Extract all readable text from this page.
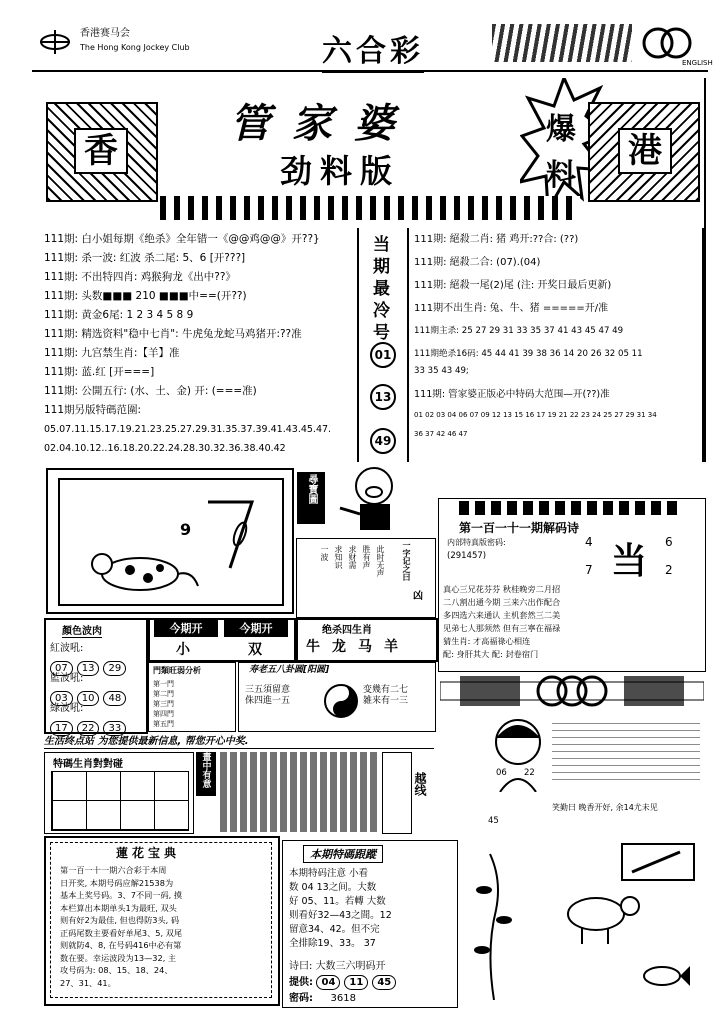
香港赛马会
The Hong Kong Jockey Club	六合彩	ENGLISH
香
管家婆
劲料版
爆
料
港
111期: 白小姐每期《绝杀》全年错一《@@鸡@@》开??}
111期: 杀一波: 红波 杀二尾: 5、6 [开???]
111期: 不出特四肖: 鸡猴狗龙《出中??》
111期: 头数■■■ 210 ■■■中==(开??)
111期: 黄金6尾: 1 2 3 4 5 8 9
111期: 精选资料"稳中七肖": 牛虎兔龙蛇马鸡猪开:??准
111期: 九宫禁生肖:【羊】准
111期: 蓝.红 [开===]
111期: 公開五行: (水、土、金) 开: (===准)
111期另版特碼范圍:
05.07.11.15.17.19.21.23.25.27.29.31.35.37.39.41.43.45.47.
02.04.10.12..16.18.20.22.24.28.30.32.36.38.40.42
当
期
最
冷
号
01
13
49
111期: 絕殺二肖: 猪 鸡开:??合: (??)
111期: 絕殺二合: (07).(04)
111期: 絕殺一尾(2)尾 (注: 开奖日最后更新)
111期不出生肖: 兔、牛、猪 =====开/准
111期主杀: 25 27 29 31 33 35 37 41 43 45 47 49
111期绝杀16码: 45 44 41 39 38 36 14 20 26 32 05 11
33 35 43 49;
111期: 管家婆正版必中特码大范围—开(??)准
01 02 03 04 06 07 09 12 13 15 16 17 19 21 22 23 24 25 27 29 31 34
36 37 42 46 47
9
尋寶圖
一字记之曰
凶
此时无声
胜有声
求财需
求知识
一波
绝杀四生肖
牛 龙 马 羊
今期开	今期开
小	双
顏色波肉
紅波吼:
07 13 29
藍波吼:
03 10 48
綠波吼:
17 22 33
門類旺弱分析
第一門
第二門
第三門
第四門
第五門
寿老五八卦圆[阳圆]
三五須留意
侏四進一五
变幾有二七
雑来有一三
生活终点站 为您提供最新信息, 帮您开心中奖.
特碼生肖對對碰	畫中有意	越线
第一百一十一期解码诗
内部特真版密码:
(291457)	当
4	6
7	2
真心三兄花芬芬 秋桂晚旁二月招
二八割出通今期 三来六出作配合
多四选六来通认 主机套然三二美
见弟七人那须然 但有三寧在福禄
猜生肖: 才高福祿心相连
配: 身肝其大 配: 封卷宿门
06 22
笑勤曰 晚香开好, 余14尤未见
45
蓮花宝典
第一百一十一期六合彩于本周
日开奖, 本期号码应解21538为
基本上奖号码。3、7不同一码, 摸
本栏算出本期单头1为最旺, 双头
则有好2为最佳, 但也得防3头, 码
正码尾数主要看好单尾3、5, 双尾
则就防4、8, 在号码416中必有第
数在要。幸运波段为13—32, 主
攻号码为: 08、15、18、24、
27、31、41。
本期特碼跟蹤
本期特码注意 小看
数 04 13之间。大数
好 05、11。若轉 大数
则看好32—43之間。12
留意34、42。但不完
全排除19、33。 37
诗曰: 大数三六明码开
提供: 04 11 45
密码: 3618
